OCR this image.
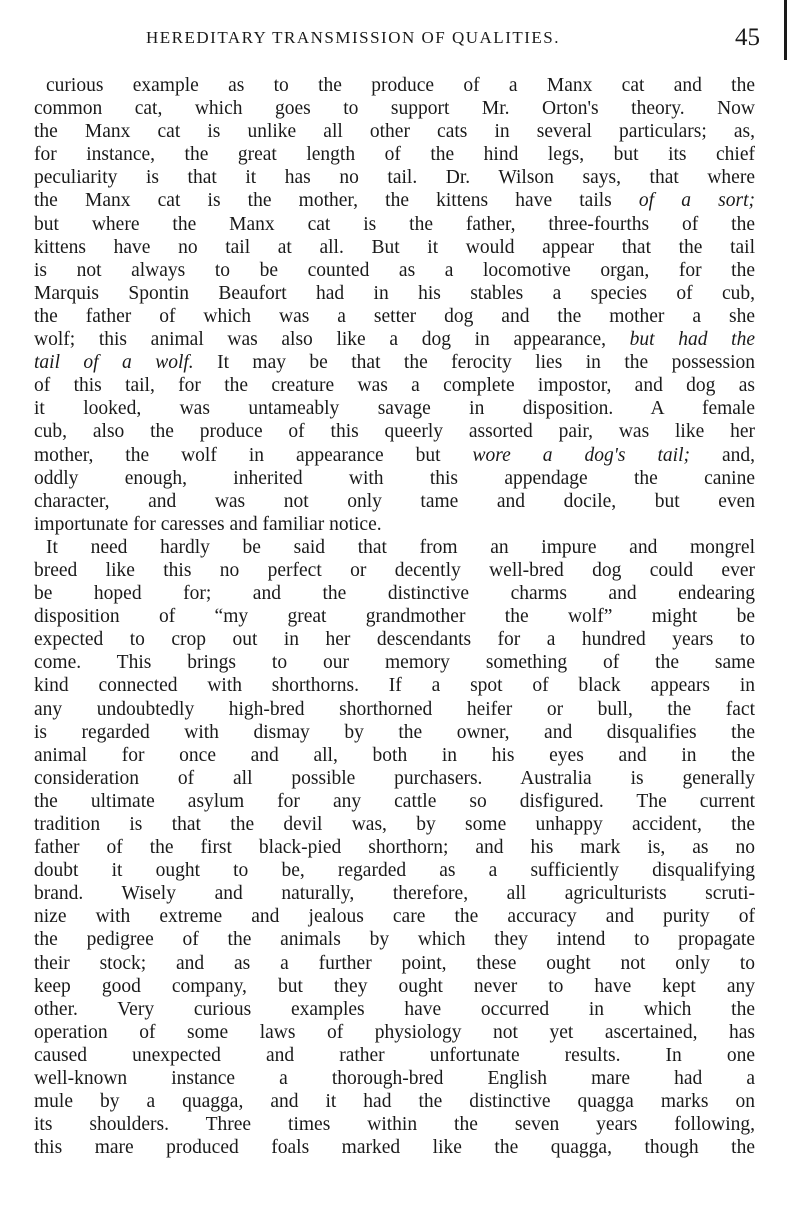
HEREDITARY TRANSMISSION OF QUALITIES.	45
curious example as to the produce of a Manx cat and the
common cat, which goes to support Mr. Orton's theory. Now
the Manx cat is unlike all other cats in several particulars; as,
for instance, the great length of the hind legs, but its chief
peculiarity is that it has no tail. Dr. Wilson says, that where
the Manx cat is the mother, the kittens have tails of a sort;
but where the Manx cat is the father, three-fourths of the
kittens have no tail at all. But it would appear that the tail
is not always to be counted as a locomotive organ, for the
Marquis Spontin Beaufort had in his stables a species of cub,
the father of which was a setter dog and the mother a she
wolf; this animal was also like a dog in appearance, but had the
tail of a wolf. It may be that the ferocity lies in the possession
of this tail, for the creature was a complete impostor, and dog as
it looked, was untameably savage in disposition. A female
cub, also the produce of this queerly assorted pair, was like her
mother, the wolf in appearance but wore a dog's tail; and,
oddly enough, inherited with this appendage the canine
character, and was not only tame and docile, but even
importunate for caresses and familiar notice.
It need hardly be said that from an impure and mongrel
breed like this no perfect or decently well-bred dog could ever
be hoped for; and the distinctive charms and endearing
disposition of “my great grandmother the wolf” might be
expected to crop out in her descendants for a hundred years to
come. This brings to our memory something of the same
kind connected with shorthorns. If a spot of black appears in
any undoubtedly high-bred shorthorned heifer or bull, the fact
is regarded with dismay by the owner, and disqualifies the
animal for once and all, both in his eyes and in the
consideration of all possible purchasers. Australia is generally
the ultimate asylum for any cattle so disfigured. The current
tradition is that the devil was, by some unhappy accident, the
father of the first black-pied shorthorn; and his mark is, as no
doubt it ought to be, regarded as a sufficiently disqualifying
brand. Wisely and naturally, therefore, all agriculturists scruti-
nize with extreme and jealous care the accuracy and purity of
the pedigree of the animals by which they intend to propagate
their stock; and as a further point, these ought not only to
keep good company, but they ought never to have kept any
other. Very curious examples have occurred in which the
operation of some laws of physiology not yet ascertained, has
caused unexpected and rather unfortunate results. In one
well-known instance a thorough-bred English mare had a
mule by a quagga, and it had the distinctive quagga marks on
its shoulders. Three times within the seven years following,
this mare produced foals marked like the quagga, though the
